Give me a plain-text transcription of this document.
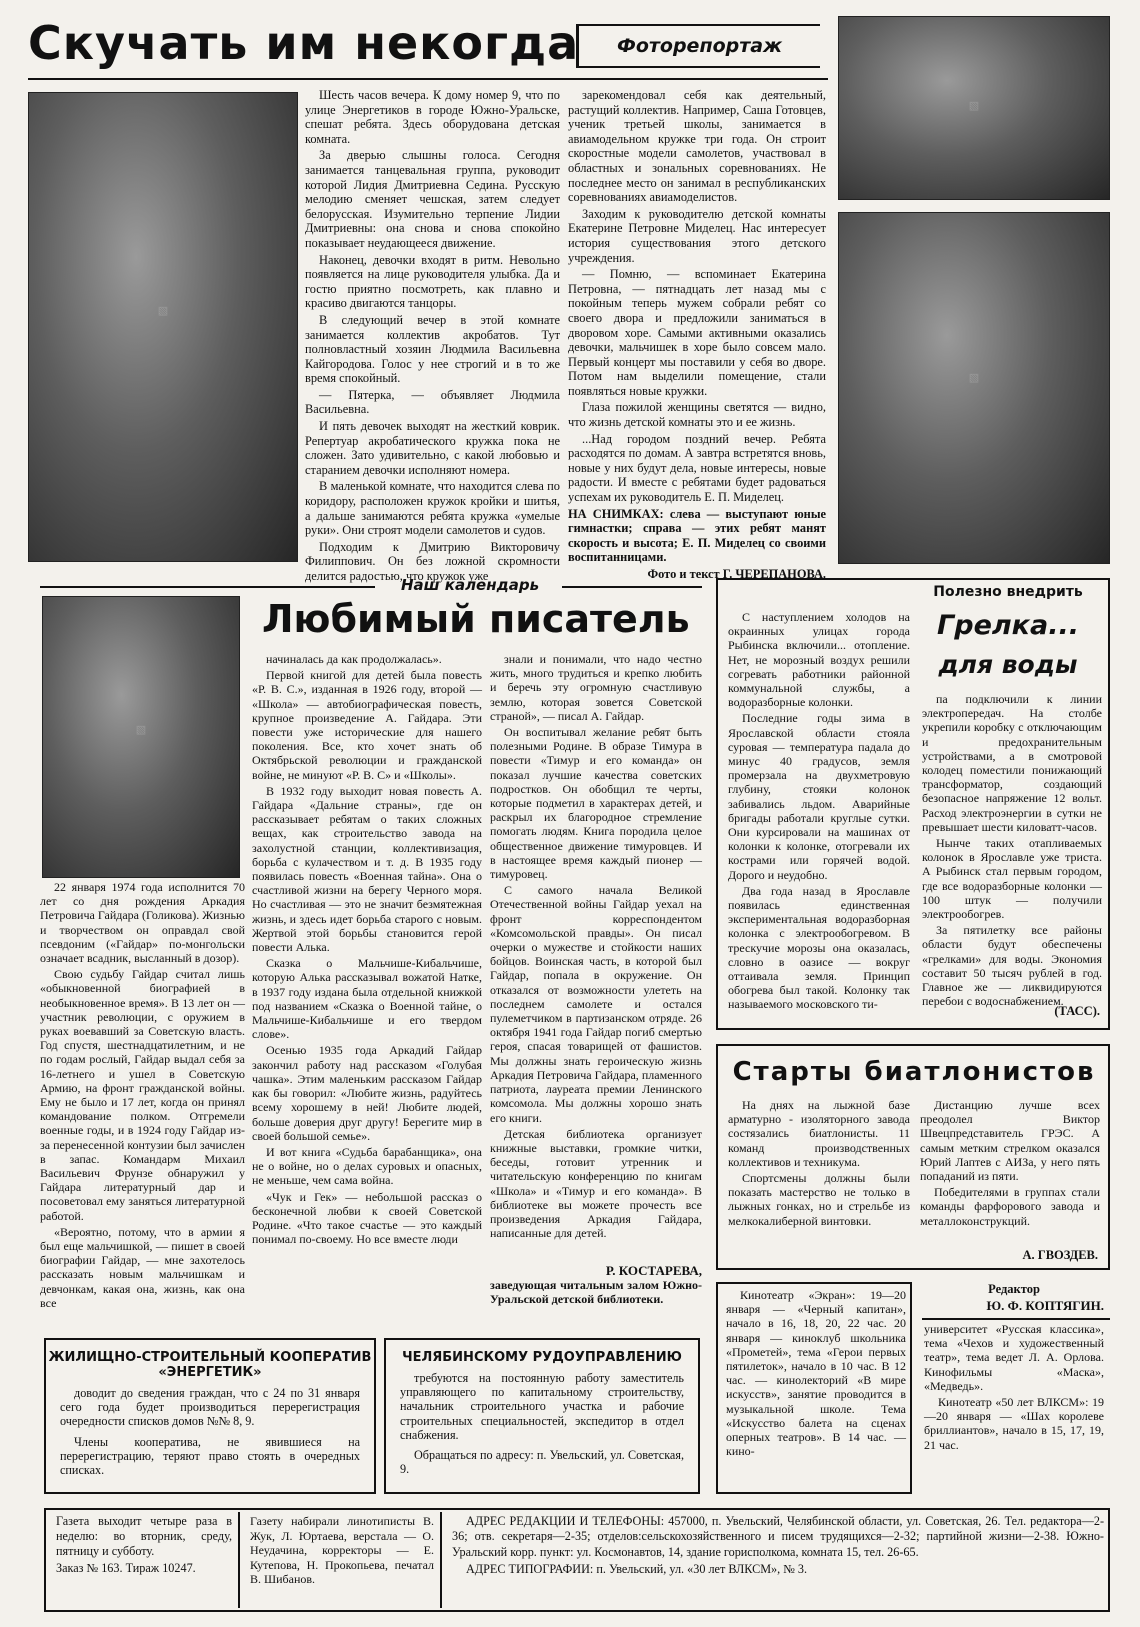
Скучать им некогда	Фоторепортаж
▧

Шесть часов вечера. К дому номер 9, что по улице Энергетиков в городе Южно-Уральске, спешат ребята. Здесь оборудована детская комната.

За дверью слышны голоса. Сегодня занимается танцевальная группа, руководит которой Лидия Дмитриевна Седина. Русскую мелодию сменяет чешская, затем следует белорусская. Изумительно терпение Лидии Дмитриевны: она снова и снова спокойно показывает неудающееся движение.

Наконец, девочки входят в ритм. Невольно появляется на лице руководителя улыбка. Да и гостю приятно посмотреть, как плавно и красиво двигаются танцоры.

В следующий вечер в этой комнате занимается коллектив акробатов. Тут полновластный хозяин Людмила Васильевна Кайгородова. Голос у нее строгий и в то же время спокойный.

— Пятерка, — объявляет Людмила Васильевна.

И пять девочек выходят на жесткий коврик. Репертуар акробатического кружка пока не сложен. Зато удивительно, с какой любовью и старанием девочки исполняют номера.

В маленькой комнате, что находится слева по коридору, расположен кружок кройки и шитья, а дальше занимаются ребята кружка «умелые руки». Они строят модели самолетов и судов.

Подходим к Дмитрию Викторовичу Филиппович. Он без ложной скромности делится радостью, что кружок уже

зарекомендовал себя как деятельный, растущий коллектив. Например, Саша Готовцев, ученик третьей школы, занимается в авиамодельном кружке три года. Он строит скоростные модели самолетов, участвовал в областных и зональных соревнованиях. Не последнее место он занимал в республиканских соревнованиях авиамоделистов.

Заходим к руководителю детской комнаты Екатерине Петровне Миделец. Нас интересует история существования этого детского учреждения.

— Помню, — вспоминает Екатерина Петровна, — пятнадцать лет назад мы с покойным теперь мужем собрали ребят со своего двора и предложили заниматься в дворовом хоре. Самыми активными оказались девочки, мальчишек в хоре было совсем мало. Первый концерт мы поставили у себя во дворе. Потом нам выделили помещение, стали появляться новые кружки.

Глаза пожилой женщины светятся — видно, что жизнь детской комнаты это и ее жизнь.

...Над городом поздний вечер. Ребята расходятся по домам. А завтра встретятся вновь, новые у них будут дела, новые интересы, новые радости. И вместе с ребятами будет радоваться успехам их руководитель Е. П. Миделец.

НА СНИМКАХ: слева — выступают юные гимнастки; справа — этих ребят манят скорость и высота; Е. П. Миделец со своими воспитанницами.

Фото и текст Г. ЧЕРЕПАНОВА.

▧
▧
Наш календарь
▧
Любимый писатель

22 января 1974 года исполнится 70 лет со дня рождения Аркадия Петровича Гайдара (Голикова). Жизнью и творчеством он оправдал свой псевдоним («Гайдар» по-монгольски означает всадник, высланный в дозор).

Свою судьбу Гайдар считал лишь «обыкновенной биографией в необыкновенное время». В 13 лет он — участник революции, с оружием в руках воевавший за Советскую власть. Год спустя, шестнадцатилетним, и не по годам рослый, Гайдар выдал себя за 16-летнего и ушел в Советскую Армию, на фронт гражданской войны. Ему не было и 17 лет, когда он принял командование полком. Отгремели военные годы, и в 1924 году Гайдар из-за перенесенной контузии был зачислен в запас. Командарм Михаил Васильевич Фрунзе обнаружил у Гайдара литературный дар и посоветовал ему заняться литературной работой.

«Вероятно, потому, что в армии я был еще мальчишкой, — пишет в своей биографии Гайдар, — мне захотелось рассказать новым мальчишкам и девчонкам, какая она, жизнь, как она все

начиналась да как продолжалась».

Первой книгой для детей была повесть «Р. В. С.», изданная в 1926 году, второй — «Школа» — автобиографическая повесть, крупное произведение А. Гайдара. Эти повести уже исторические для нашего поколения. Все, кто хочет знать об Октябрьской революции и гражданской войне, не минуют «Р. В. С» и «Школы».

В 1932 году выходит новая повесть А. Гайдара «Дальние страны», где он рассказывает ребятам о таких сложных вещах, как строительство завода на захолустной станции, коллективизация, борьба с кулачеством и т. д. В 1935 году появилась повесть «Военная тайна». Она о счастливой жизни на берегу Черного моря. Но счастливая — это не значит безмятежная жизнь, и здесь идет борьба старого с новым. Жертвой этой борьбы становится герой повести Алька.

Сказка о Мальчише-Кибальчише, которую Алька рассказывал вожатой Натке, в 1937 году издана была отдельной книжкой под названием «Сказка о Военной тайне, о Мальчише-Кибальчише и его твердом слове».

Осенью 1935 года Аркадий Гайдар закончил работу над рассказом «Голубая чашка». Этим маленьким рассказом Гайдар как бы говорил: «Любите жизнь, радуйтесь всему хорошему в ней! Любите людей, больше доверия друг другу! Берегите мир в своей большой семье».

И вот книга «Судьба барабанщика», она не о войне, но о делах суровых и опасных, не меньше, чем сама война.

«Чук и Гек» — небольшой рассказ о бесконечной любви к своей Советской Родине. «Что такое счастье — это каждый понимал по-своему. Но все вместе люди

знали и понимали, что надо честно жить, много трудиться и крепко любить и беречь эту огромную счастливую землю, которая зовется Советской страной», — писал А. Гайдар.

Он воспитывал желание ребят быть полезными Родине. В образе Тимура в повести «Тимур и его команда» он показал лучшие качества советских подростков. Он обобщил те черты, которые подметил в характерах детей, и раскрыл их благородное стремление помогать людям. Книга породила целое общественное движение тимуровцев. И в настоящее время каждый пионер — тимуровец.

С самого начала Великой Отечественной войны Гайдар уехал на фронт корреспондентом «Комсомольской правды». Он писал очерки о мужестве и стойкости наших бойцов. Воинская часть, в которой был Гайдар, попала в окружение. Он отказался от возможности улететь на последнем самолете и остался пулеметчиком в партизанском отряде. 26 октября 1941 года Гайдар погиб смертью героя, спасая товарищей от фашистов. Мы должны знать героическую жизнь Аркадия Петровича Гайдара, пламенного патриота, лауреата премии Ленинского комсомола. Мы должны хорошо знать его книги.

Детская библиотека организует книжные выставки, громкие читки, беседы, готовит утренник и читательскую конференцию по книгам «Школа» и «Тимур и его команда». В библиотеке вы можете прочесть все произведения Аркадия Гайдара, написанные для детей.

Р. КОСТАРЕВА,
заведующая читальным залом Южно-Уральской детской библиотеки.
Полезно внедрить
Грелка...
для воды

С наступлением холодов на окраинных улицах города Рыбинска включили... отопление. Нет, не морозный воздух решили согревать работники районной коммунальной службы, а водоразборные колонки.

Последние годы зима в Ярославской области стояла суровая — температура падала до минус 40 градусов, земля промерзала на двухметровую глубину, стояки колонок забивались льдом. Аварийные бригады работали круглые сутки. Они курсировали на машинах от колонки к колонке, отогревали их кострами или горячей водой. Дорого и неудобно.

Два года назад в Ярославле появилась единственная экспериментальная водоразборная колонка с электрообогревом. В трескучие морозы она оказалась, словно в оазисе — вокруг оттаивала земля. Принцип обогрева был такой. Колонку так называемого московского ти-

па подключили к линии электропередач. На столбе укрепили коробку с отключающим и предохранительным устройствами, а в смотровой колодец поместили понижающий трансформатор, создающий безопасное напряжение 12 вольт. Расход электроэнергии в сутки не превышает шести киловатт-часов.

Нынче таких отапливаемых колонок в Ярославле уже триста. А Рыбинск стал первым городом, где все водоразборные колонки — 100 штук — получили электрообогрев.

За пятилетку все районы области будут обеспечены «грелками» для воды. Экономия составит 50 тысяч рублей в год. Главное же — ликвидируются перебои с водоснабжением.

(ТАСС).
Старты биатлонистов

На днях на лыжной базе арматурно - изоляторного завода состязались биатлонисты. 11 команд производственных коллективов и техникума.

Спортсмены должны были показать мастерство не только в лыжных гонках, но и стрельбе из мелкокалиберной винтовки.

Дистанцию лучше всех преодолел Виктор Швецпредставитель ГРЭС. А самым метким стрелком оказался Юрий Лаптев с АИЗа, у него пять попаданий из пяти.

Победителями в группах стали команды фарфорового завода и металлоконструкций.

А. ГВОЗДЕВ.

Кинотеатр «Экран»: 19—20 января — «Черный капитан», начало в 16, 18, 20, 22 час. 20 января — киноклуб школьника «Прометей», тема «Герои первых пятилеток», начало в 10 час. В 12 час. — кинолекторий «В мире искусств», занятие проводится в музыкальной школе. Тема «Искусство балета на сценах оперных театров». В 14 час. — кино-

Редактор
Ю. Ф. КОПТЯГИН.

университет «Русская классика», тема «Чехов и художественный театр», тема ведет Л. А. Орлова. Кинофильмы «Маска», «Медведь».

Кинотеатр «50 лет ВЛКСМ»: 19—20 января — «Шах королеве бриллиантов», начало в 15, 17, 19, 21 час.

ЖИЛИЩНО-СТРОИТЕЛЬНЫЙ КООПЕРАТИВ
«ЭНЕРГЕТИК»

доводит до сведения граждан, что с 24 по 31 января сего года будет производиться перерегистрация очередности списков домов №№ 8, 9.

Члены кооператива, не явившиеся на перерегистрацию, теряют право стоять в очередных списках.

ЧЕЛЯБИНСКОМУ РУДОУПРАВЛЕНИЮ

требуются на постоянную работу заместитель управляющего по капитальному строительству, начальник строительного участка и рабочие строительных специальностей, экспедитор в отдел снабжения.

Обращаться по адресу: п. Увельский, ул. Советская, 9.

Газета выходит четыре раза в неделю: во вторник, среду, пятницу и субботу.

Заказ № 163. Тираж 10247.

Газету набирали линотиписты В. Жук, Л. Юртаева, верстала — О. Неудачина, корректоры — Е. Кутепова, Н. Прокопьева, печатал В. Шибанов.

АДРЕС РЕДАКЦИИ И ТЕЛЕФОНЫ: 457000, п. Увельский, Челябинской области, ул. Советская, 26. Тел. редактора—2-36; отв. секретаря—2-35; отделов:сельскохозяйственного и писем трудящихся—2-32; партийной жизни—2-38. Южно-Уральский корр. пункт: ул. Космонавтов, 14, здание горисполкома, комната 15, тел. 26-65.

АДРЕС ТИПОГРАФИИ: п. Увельский, ул. «30 лет ВЛКСМ», № 3.
